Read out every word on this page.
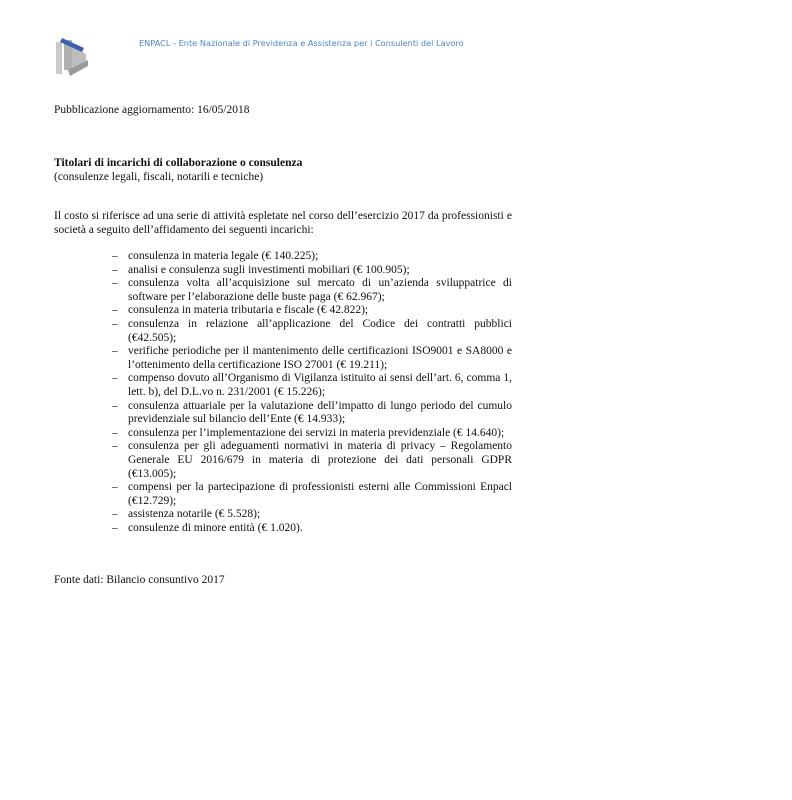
ENPACL - Ente Nazionale di Previdenza e Assistenza per i Consulenti del Lavoro
Pubblicazione aggiornamento: 16/05/2018
Titolari di incarichi di collaborazione o consulenza
(consulenze legali, fiscali, notarili e tecniche)
Il costo si riferisce ad una serie di attività espletate nel corso dell’esercizio 2017 da professionisti e società a seguito dell’affidamento dei seguenti incarichi:
– consulenza in materia legale (€ 140.225);
– analisi e consulenza sugli investimenti mobiliari (€ 100.905);
– consulenza volta all’acquisizione sul mercato di un’azienda sviluppatrice di software per l’elaborazione delle buste paga (€ 62.967);
– consulenza in materia tributaria e fiscale (€ 42.822);
– consulenza in relazione all’applicazione del Codice dei contratti pubblici (€42.505);
– verifiche periodiche per il mantenimento delle certificazioni ISO9001 e SA8000 e l’ottenimento della certificazione ISO 27001 (€ 19.211);
– compenso dovuto all’Organismo di Vigilanza istituito ai sensi dell’art. 6, comma 1, lett. b), del D.L.vo n. 231/2001 (€ 15.226);
– consulenza attuariale per la valutazione dell’impatto di lungo periodo del cumulo previdenziale sul bilancio dell’Ente (€ 14.933);
– consulenza per l’implementazione dei servizi in materia previdenziale (€ 14.640);
– consulenza per gli adeguamenti normativi in materia di privacy – Regolamento Generale EU 2016/679 in materia di protezione dei dati personali GDPR (€13.005);
– compensi per la partecipazione di professionisti esterni alle Commissioni Enpacl (€12.729);
– assistenza notarile (€ 5.528);
– consulenze di minore entità (€ 1.020).
Fonte dati: Bilancio consuntivo 2017
